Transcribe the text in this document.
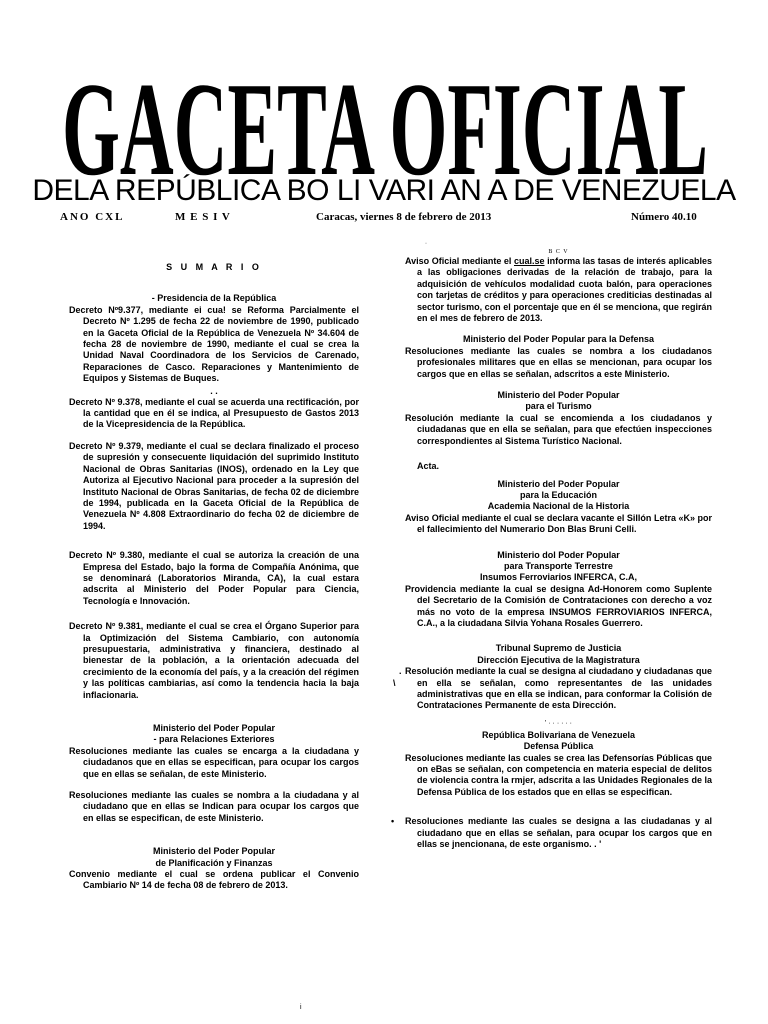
GACETA OFICIAL
DELA REPÚBLICA BO LI VARI AN A DE VENEZUELA
ANO CXL	M E S I V	Caracas, viernes 8 de febrero de 2013	Número 40.10

S U M A R I O

- Presidencia de la República

Decreto Nº9.377, mediante ei cua! se Reforma Parcialmente el Decreto Nº 1.295 de fecha 22 de noviembre de 1990, publicado en la Gaceta Oficial de la República de Venezuela Nº 34.604 de fecha 28 de noviembre de 1990, mediante el cual se crea la Unidad Naval Coordinadora de los Servicios de Carenado, Reparaciones de Casco. Reparaciones y Mantenimiento de Equipos y Sistemas de Buques.

. .

Decreto Nº 9.378, mediante el cual se acuerda una rectificación, por la cantidad que en él se indica, al Presupuesto de Gastos 2013 de la Vicepresidencia de la República.

Decreto Nº 9.379, mediante el cual se declara finalizado el proceso de supresión y consecuente liquidación del suprimido Instituto Nacional de Obras Sanitarias (INOS), ordenado en la Ley que Autoriza al Ejecutivo Nacional para proceder a la supresión del Instituto Nacional de Obras Sanitarias, de fecha 02 de diciembre de 1994, publicada en la Gaceta Oficial de la República de Venezuela Nº 4.808 Extraordinario do fecha 02 de diciembre de 1994.

Decreto Nº 9.380, mediante el cual se autoriza la creación de una Empresa del Estado, bajo la forma de Compañía Anónima, que se denominará (Laboratorios Miranda, CA), la cual estara adscrita al Ministerio del Poder Popular para Ciencia, Tecnología e Innovación.

Decreto Nº 9.381, mediante el cual se crea el Órgano Superior para la Optimización del Sistema Cambiario, con autonomía presupuestaria, administrativa y financiera, destinado al bienestar de la población, a la orientación adecuada del crecimiento de la economía del país, y a la creación del régimen y las políticas cambiarias, así como la tendencia hacia la baja inflacionaria.

Ministerio del Poder Popular

- para Relaciones Exteriores

Resoluciones mediante las cuales se encarga a la ciudadana y ciudadanos que en ellas se especifican, para ocupar los cargos que en ellas se señalan, de este Ministerio.

Resoluciones mediante las cuales se nombra a la ciudadana y al ciudadano que en ellas se Indican para ocupar los cargos que en ellas se especifican, de este Ministerio.

Ministerio del Poder Popular

de Planificación y Finanzas

Convenio mediante el cual se ordena publicar el Convenio Cambiario Nº 14 de fecha 08 de febrero de 2013.

·

B C V

Aviso Oficial mediante el cual.se informa las tasas de interés aplicables a las obligaciones derivadas de la relación de trabajo, para la adquisición de vehículos modalidad cuota balón, para operaciones con tarjetas de créditos y para operaciones crediticias destinadas al sector turismo, con el porcentaje que en él se menciona, que regirán en el mes de febrero de 2013.

Ministerio del Poder Popular para la Defensa

Resoluciones mediante las cuales se nombra a los ciudadanos profesionales militares que en ellas se mencionan, para ocupar los cargos que en ellas se señalan, adscritos a este Ministerio.

Ministerio del Poder Popular

para el Turismo

Resolución mediante la cual se encomienda a los ciudadanos y ciudadanas que en ella se señalan, para que efectúen inspecciones correspondientes al Sistema Turístico Nacional.

Acta.

Ministerio del Poder Popular

para la Educación

Academia Nacional de la Historia

Aviso Oficial mediante el cual se declara vacante el Sillón Letra «K» por el fallecimiento del Numerario Don Blas Bruni Celli.

Ministerio dol Poder Popular

para Transporte Terrestre

Insumos Ferroviarios INFERCA, C.A,

Providencia mediante la cual se designa Ad-Honorem como Suplente del Secretario de la Comisión de Contrataciones con derecho a voz más no voto de la empresa INSUMOS FERROVIARIOS INFERCA, C.A., a la ciudadana Silvia Yohana Rosales Guerrero.

Tribunal Supremo de Justicia

Dirección Ejecutiva de la Magistratura

.
\

Resolución mediante la cual se designa al ciudadano y ciudadanas que en ella se señalan, como representantes de las unidades administrativas que en ella se indican, para conformar la Colisión de Contrataciones Permanente de esta Dirección.

' · · · · · ·

República Bolivariana de Venezuela

Defensa Pública

Resoluciones mediante las cuales se crea las Defensorías Públicas que on eBas se señalan, con competencia en materia especial de delitos de violencia contra la rmjer, adscrita a las Unidades Regionales de la Defensa Pública de los estados que en ellas se especifican.

• Resoluciones mediante las cuales se designa a las ciudadanas y al ciudadano que en ellas se señalan, para ocupar los cargos que en ellas se jnencionana, de este organismo. . '

i
